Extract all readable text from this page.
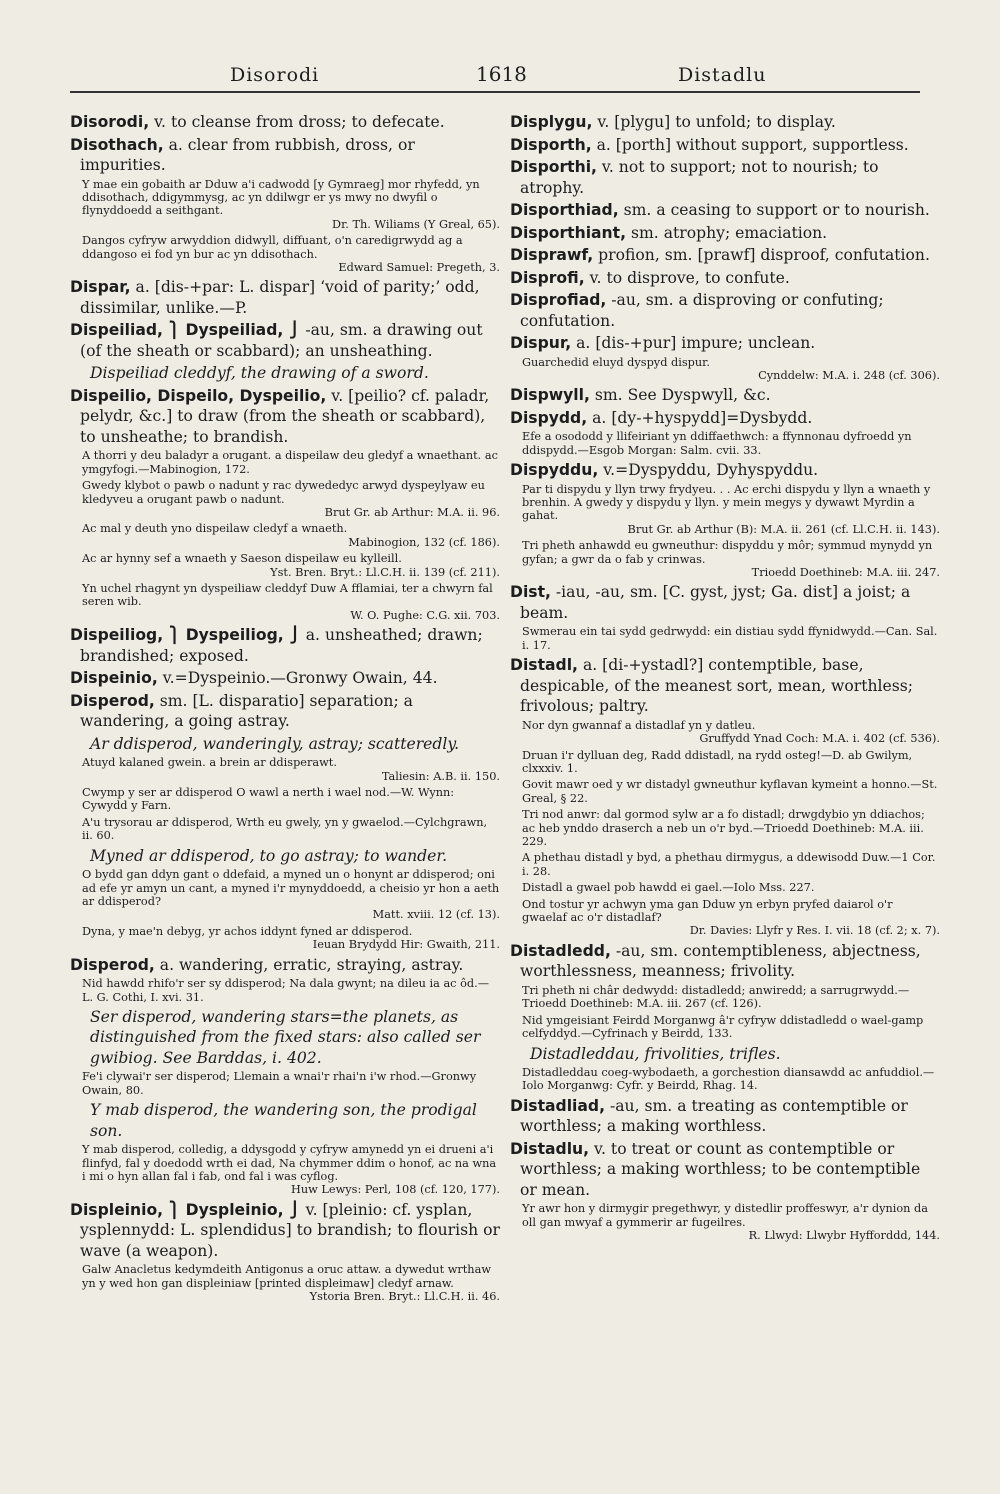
Disorodi	1618	Distadlu
Disorodi, v. to cleanse from dross; to defecate.
Disothach, a. clear from rubbish, dross, or impurities.
Y mae ein gobaith ar Dduw a'i cadwodd [y Gymraeg] mor rhyfedd, yn ddisothach, ddigymmysg, ac yn ddilwgr er ys mwy no dwyfil o flynyddoedd a seithgant.
Dr. Th. Wiliams (Y Greal, 65).
Dangos cyfryw arwyddion didwyll, diffuant, o'n caredigrwydd ag a ddangoso ei fod yn bur ac yn ddisothach.
Edward Samuel: Pregeth, 3.
Dispar, a. [dis-+par: L. dispar] ‘void of parity;’ odd, dissimilar, unlike.—P.
Dispeiliad, ⎫ Dyspeiliad, ⎭ -au, sm. a drawing out (of the sheath or scabbard); an unsheathing.
Dispeiliad cleddyf, the drawing of a sword.
Dispeilio, Dispeilo, Dyspeilio, v. [peilio? cf. paladr, pelydr, &c.] to draw (from the sheath or scabbard), to unsheathe; to brandish.
A thorri y deu baladyr a orugant. a dispeilaw deu gledyf a wnaethant. ac ymgyfogi.—Mabinogion, 172.
Gwedy klybot o pawb o nadunt y rac dywededyc arwyd dyspeylyaw eu kledyveu a orugant pawb o nadunt.
Brut Gr. ab Arthur: M.A. ii. 96.
Ac mal y deuth yno dispeilaw cledyf a wnaeth.
Mabinogion, 132 (cf. 186).
Ac ar hynny sef a wnaeth y Saeson dispeilaw eu kylleill.
Yst. Bren. Bryt.: Ll.C.H. ii. 139 (cf. 211).
Yn uchel rhagynt yn dyspeiliaw cleddyf Duw A fflamiai, ter a chwyrn fal seren wib.
W. O. Pughe: C.G. xii. 703.
Dispeiliog, ⎫ Dyspeiliog, ⎭ a. unsheathed; drawn; brandished; exposed.
Dispeinio, v.=Dyspeinio.—Gronwy Owain, 44.
Disperod, sm. [L. disparatio] separation; a wandering, a going astray.
Ar ddisperod, wanderingly, astray; scatteredly.
Atuyd kalaned gwein. a brein ar ddisperawt.
Taliesin: A.B. ii. 150.
Cwymp y ser ar ddisperod O wawl a nerth i wael nod.—W. Wynn: Cywydd y Farn.
A'u trysorau ar ddisperod, Wrth eu gwely, yn y gwaelod.—Cylchgrawn, ii. 60.
Myned ar ddisperod, to go astray; to wander.
O bydd gan ddyn gant o ddefaid, a myned un o honynt ar ddisperod; oni ad efe yr amyn un cant, a myned i'r mynyddoedd, a cheisio yr hon a aeth ar ddisperod?
Matt. xviii. 12 (cf. 13).
Dyna, y mae'n debyg, yr achos iddynt fyned ar ddisperod.
Ieuan Brydydd Hir: Gwaith, 211.
Disperod, a. wandering, erratic, straying, astray.
Nid hawdd rhifo'r ser sy ddisperod; Na dala gwynt; na dileu ia ac ôd.—L. G. Cothi, I. xvi. 31.
Ser disperod, wandering stars=the planets, as distinguished from the fixed stars: also called ser gwibiog. See Barddas, i. 402.
Fe'i clywai'r ser disperod; Llemain a wnai'r rhai'n i'w rhod.—Gronwy Owain, 80.
Y mab disperod, the wandering son, the prodigal son.
Y mab disperod, colledig, a ddysgodd y cyfryw amynedd yn ei drueni a'i flinfyd, fal y doedodd wrth ei dad, Na chymmer ddim o honof, ac na wna i mi o hyn allan fal i fab, ond fal i was cyflog.
Huw Lewys: Perl, 108 (cf. 120, 177).
Displeinio, ⎫ Dyspleinio, ⎭ v. [pleinio: cf. ysplan, ysplennydd: L. splendidus] to brandish; to flourish or wave (a weapon).
Galw Anacletus kedymdeith Antigonus a oruc attaw. a dywedut wrthaw yn y wed hon gan displeiniaw [printed displeimaw] cledyf arnaw.
Ystoria Bren. Bryt.: Ll.C.H. ii. 46.
Displygu, v. [plygu] to unfold; to display.
Disporth, a. [porth] without support, supportless.
Disporthi, v. not to support; not to nourish; to atrophy.
Disporthiad, sm. a ceasing to support or to nourish.
Disporthiant, sm. atrophy; emaciation.
Disprawf, profion, sm. [prawf] disproof, confutation.
Disprofi, v. to disprove, to confute.
Disprofiad, -au, sm. a disproving or confuting; confutation.
Dispur, a. [dis-+pur] impure; unclean.
Guarchedid eluyd dyspyd dispur.
Cynddelw: M.A. i. 248 (cf. 306).
Dispwyll, sm. See Dyspwyll, &c.
Dispydd, a. [dy-+hyspydd]=Dysbydd.
Efe a osododd y llifeiriant yn ddiffaethwch: a ffynnonau dyfroedd yn ddispydd.—Esgob Morgan: Salm. cvii. 33.
Dispyddu, v.=Dyspyddu, Dyhyspyddu.
Par ti dispydu y llyn trwy frydyeu. . . Ac erchi dispydu y llyn a wnaeth y brenhin. A gwedy y dispydu y llyn. y mein megys y dywawt Myrdin a gahat.
Brut Gr. ab Arthur (B): M.A. ii. 261 (cf. Ll.C.H. ii. 143).
Tri pheth anhawdd eu gwneuthur: dispyddu y môr; symmud mynydd yn gyfan; a gwr da o fab y crinwas.
Trioedd Doethineb: M.A. iii. 247.
Dist, -iau, -au, sm. [C. gyst, jyst; Ga. dist] a joist; a beam.
Swmerau ein tai sydd gedrwydd: ein distiau sydd ffynidwydd.—Can. Sal. i. 17.
Distadl, a. [di-+ystadl?] contemptible, base, despicable, of the meanest sort, mean, worthless; frivolous; paltry.
Nor dyn gwannaf a distadlaf yn y datleu.
Gruffydd Ynad Coch: M.A. i. 402 (cf. 536).
Druan i'r dylluan deg, Radd ddistadl, na rydd osteg!—D. ab Gwilym, clxxxiv. 1.
Govit mawr oed y wr distadyl gwneuthur kyflavan kymeint a honno.—St. Greal, § 22.
Tri nod anwr: dal gormod sylw ar a fo distadl; drwgdybio yn ddiachos; ac heb ynddo draserch a neb un o'r byd.—Trioedd Doethineb: M.A. iii. 229.
A phethau distadl y byd, a phethau dirmygus, a ddewisodd Duw.—1 Cor. i. 28.
Distadl a gwael pob hawdd ei gael.—Iolo Mss. 227.
Ond tostur yr achwyn yma gan Dduw yn erbyn pryfed daiarol o'r gwaelaf ac o'r distadlaf?
Dr. Davies: Llyfr y Res. I. vii. 18 (cf. 2; x. 7).
Distadledd, -au, sm. contemptibleness, abjectness, worthlessness, meanness; frivolity.
Tri pheth ni châr dedwydd: distadledd; anwiredd; a sarrugrwydd.—Trioedd Doethineb: M.A. iii. 267 (cf. 126).
Nid ymgeisiant Feirdd Morganwg â'r cyfryw ddistadledd o wael-gamp celfyddyd.—Cyfrinach y Beirdd, 133.
Distadleddau, frivolities, trifles.
Distadleddau coeg-wybodaeth, a gorchestion diansawdd ac anfuddiol.—Iolo Morganwg: Cyfr. y Beirdd, Rhag. 14.
Distadliad, -au, sm. a treating as contemptible or worthless; a making worthless.
Distadlu, v. to treat or count as contemptible or worthless; a making worthless; to be contemptible or mean.
Yr awr hon y dirmygir pregethwyr, y distedlir proffeswyr, a'r dynion da oll gan mwyaf a gymmerir ar fugeilres.
R. Llwyd: Llwybr Hyfforddd, 144.
